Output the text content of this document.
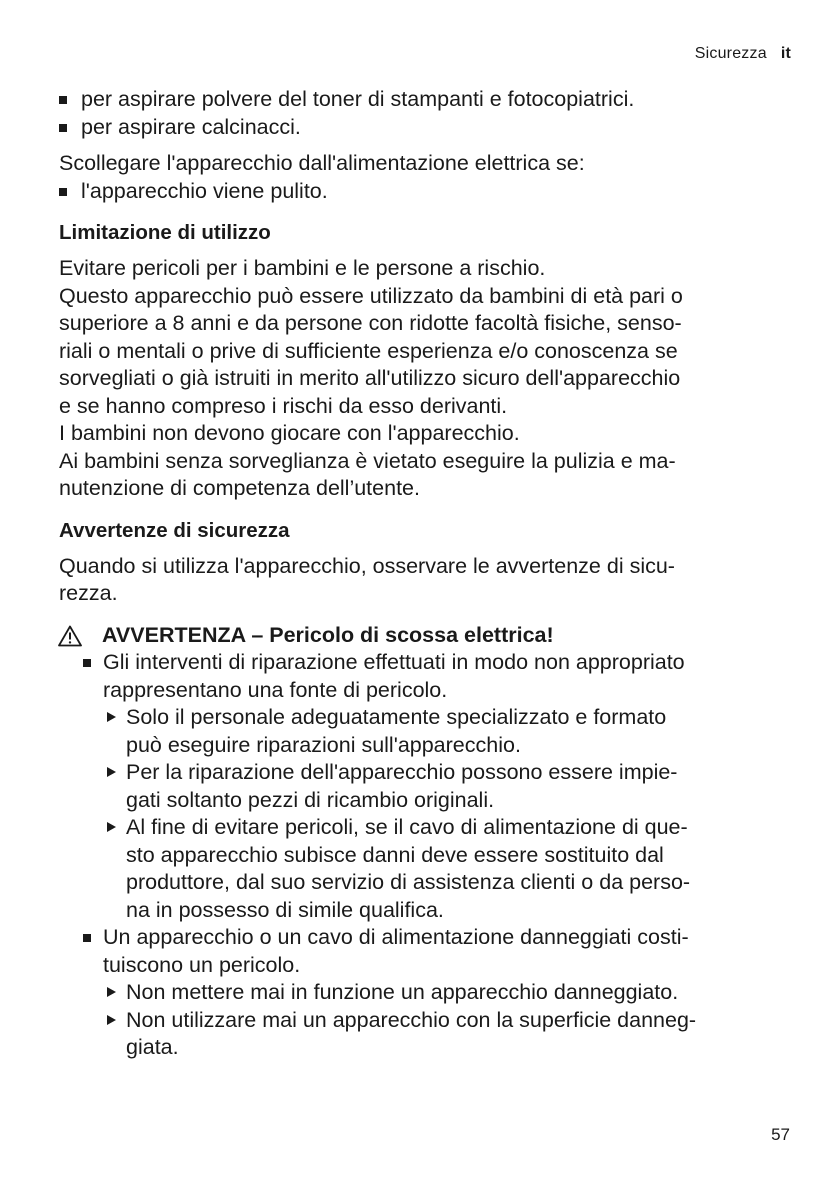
Sicurezza it
per aspirare polvere del toner di stampanti e fotocopiatrici.
per aspirare calcinacci.
Scollegare l'apparecchio dall'alimentazione elettrica se:
l'apparecchio viene pulito.
Limitazione di utilizzo
Evitare pericoli per i bambini e le persone a rischio.
Questo apparecchio può essere utilizzato da bambini di età pari o
superiore a 8 anni e da persone con ridotte facoltà fisiche, senso-
riali o mentali o prive di sufficiente esperienza e/o conoscenza se
sorvegliati o già istruiti in merito all'utilizzo sicuro dell'apparecchio
e se hanno compreso i rischi da esso derivanti.
I bambini non devono giocare con l'apparecchio.
Ai bambini senza sorveglianza è vietato eseguire la pulizia e ma-
nutenzione di competenza dell’utente.
Avvertenze di sicurezza
Quando si utilizza l'apparecchio, osservare le avvertenze di sicu-
rezza.
AVVERTENZA – Pericolo di scossa elettrica!
Gli interventi di riparazione effettuati in modo non appropriato
rappresentano una fonte di pericolo.
Solo il personale adeguatamente specializzato e formato
può eseguire riparazioni sull'apparecchio.
Per la riparazione dell'apparecchio possono essere impie-
gati soltanto pezzi di ricambio originali.
Al fine di evitare pericoli, se il cavo di alimentazione di que-
sto apparecchio subisce danni deve essere sostituito dal
produttore, dal suo servizio di assistenza clienti o da perso-
na in possesso di simile qualifica.
Un apparecchio o un cavo di alimentazione danneggiati costi-
tuiscono un pericolo.
Non mettere mai in funzione un apparecchio danneggiato.
Non utilizzare mai un apparecchio con la superficie danneg-
giata.
57
